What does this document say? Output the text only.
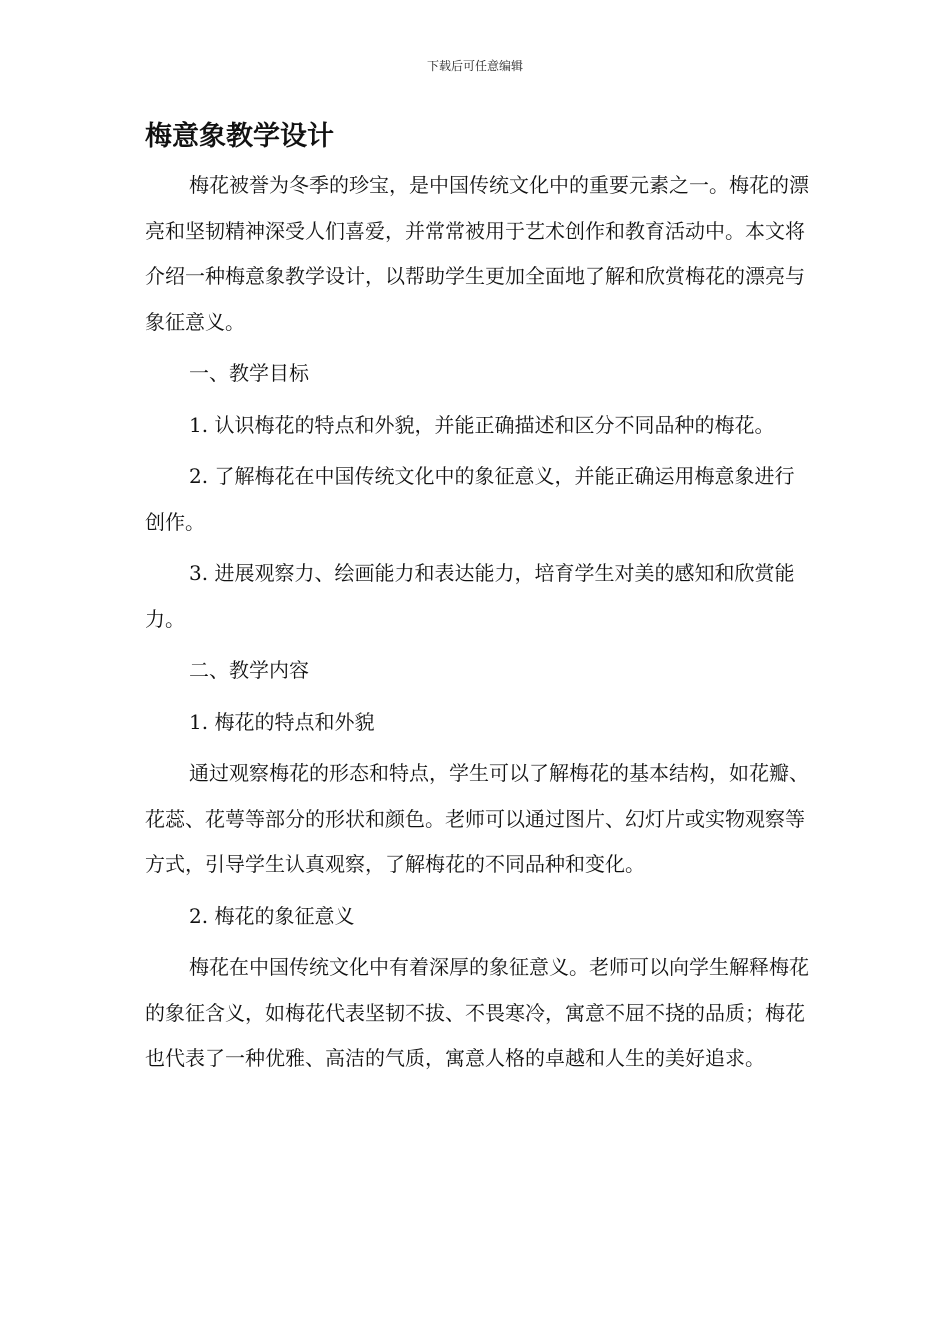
下载后可任意编辑
梅意象教学设计

梅花被誉为冬季的珍宝，是中国传统文化中的重要元素之一。梅花的漂亮和坚韧精神深受人们喜爱，并常常被用于艺术创作和教育活动中。本文将介绍一种梅意象教学设计，以帮助学生更加全面地了解和欣赏梅花的漂亮与象征意义。

一、教学目标

1. 认识梅花的特点和外貌，并能正确描述和区分不同品种的梅花。

2. 了解梅花在中国传统文化中的象征意义，并能正确运用梅意象进行创作。

3. 进展观察力、绘画能力和表达能力，培育学生对美的感知和欣赏能力。

二、教学内容

1. 梅花的特点和外貌

通过观察梅花的形态和特点，学生可以了解梅花的基本结构，如花瓣、花蕊、花萼等部分的形状和颜色。老师可以通过图片、幻灯片或实物观察等方式，引导学生认真观察，了解梅花的不同品种和变化。

2. 梅花的象征意义

梅花在中国传统文化中有着深厚的象征意义。老师可以向学生解释梅花的象征含义，如梅花代表坚韧不拔、不畏寒冷，寓意不屈不挠的品质；梅花也代表了一种优雅、高洁的气质，寓意人格的卓越和人生的美好追求。
